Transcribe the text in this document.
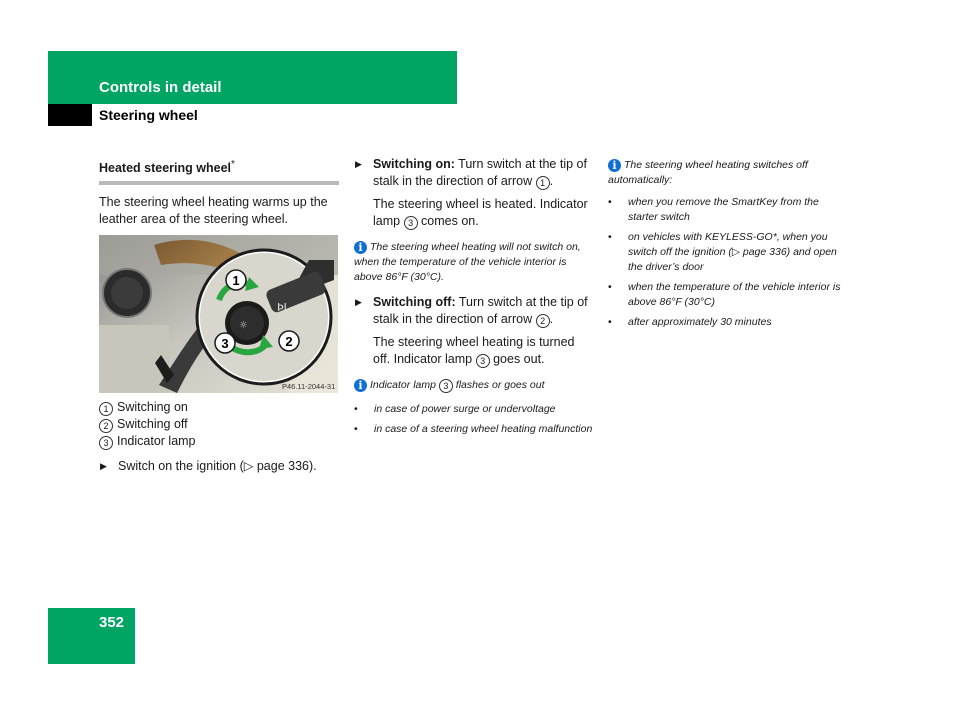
Controls in detail
Steering wheel
Heated steering wheel*

The steering wheel heating warms up the leather area of the steering wheel.

ÞI
☼
1
3	2
P46.11-2044-31
1 Switching on
2 Switching off
3 Indicator lamp
▶ Switch on the ignition (▷ page 336).
▶ Switching on: Turn switch at the tip of stalk in the direction of arrow 1 .
The steering wheel is heated. Indicator lamp 3 comes on.
i The steering wheel heating will not switch on, when the temperature of the vehicle interior is above 86°F (30°C).
▶ Switching off: Turn switch at the tip of stalk in the direction of arrow 2 .
The steering wheel heating is turned off. Indicator lamp 3 goes out.
i Indicator lamp 3 flashes or goes out
• in case of power surge or undervoltage
• in case of a steering wheel heating malfunction
i The steering wheel heating switches off automatically:
• when you remove the SmartKey from the starter switch
• on vehicles with KEYLESS-GO*, when you switch off the ignition (▷ page 336) and open the driver’s door
• when the temperature of the vehicle interior is above 86°F (30°C)
• after approximately 30 minutes
352
